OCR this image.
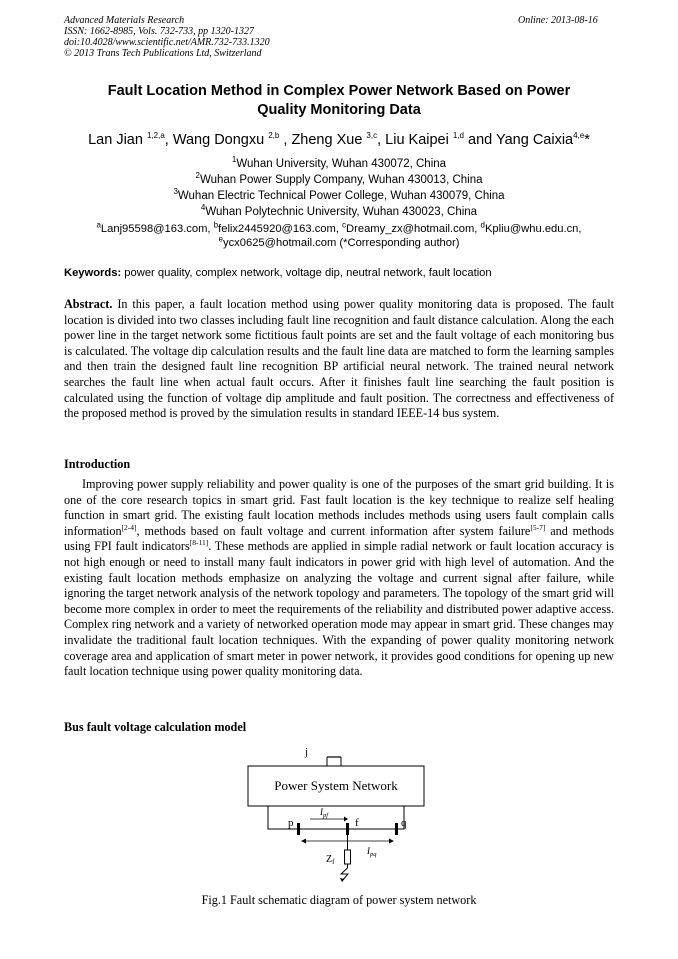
Advanced Materials Research
ISSN: 1662-8985, Vols. 732-733, pp 1320-1327
doi:10.4028/www.scientific.net/AMR.732-733.1320
© 2013 Trans Tech Publications Ltd, Switzerland
Online: 2013-08-16
Fault Location Method in Complex Power Network Based on Power
Quality Monitoring Data
Lan Jian $^{1,2,a}$, Wang Dongxu $^{2,b}$ , Zheng Xue $^{3,c}$, Liu Kaipei $^{1,d}$ and Yang Caixia$^{4,e}$*
$^1$Wuhan University, Wuhan 430072, China
$^2$Wuhan Power Supply Company, Wuhan 430013, China
$^3$Wuhan Electric Technical Power College, Wuhan 430079, China
$^4$Wuhan Polytechnic University, Wuhan 430023, China
$^a$Lanj95598@163.com, $^b$felix2445920@163.com, $^c$Dreamy_zx@hotmail.com, $^d$Kpliu@whu.edu.cn,
$^e$ycx0625@hotmail.com (*Corresponding author)
Keywords: power quality, complex network, voltage dip, neutral network, fault location
Abstract. In this paper, a fault location method using power quality monitoring data is proposed. The fault location is divided into two classes including fault line recognition and fault distance calculation. Along the each power line in the target network some fictitious fault points are set and the fault voltage of each monitoring bus is calculated. The voltage dip calculation results and the fault line data are matched to form the learning samples and then train the designed fault line recognition BP artificial neural network. The trained neural network searches the fault line when actual fault occurs. After it finishes fault line searching the fault position is calculated using the function of voltage dip amplitude and fault position. The correctness and effectiveness of the proposed method is proved by the simulation results in standard IEEE-14 bus system.
Introduction
Improving power supply reliability and power quality is one of the purposes of the smart grid building. It is one of the core research topics in smart grid. Fast fault location is the key technique to realize self healing function in smart grid. The existing fault location methods includes methods using users fault complain calls information[2-4], methods based on fault voltage and current information after system failure[5-7] and methods using FPI fault indicators[8-11]. These methods are applied in simple radial network or fault location accuracy is not high enough or need to install many fault indicators in power grid with high level of automation. And the existing fault location methods emphasize on analyzing the voltage and current signal after failure, while ignoring the target network analysis of the network topology and parameters. The topology of the smart grid will become more complex in order to meet the requirements of the reliability and distributed power adaptive access. Complex ring network and a variety of networked operation mode may appear in smart grid. These changes may invalidate the traditional fault location techniques. With the expanding of power quality monitoring network coverage area and application of smart meter in power network, it provides good conditions for opening up new fault location technique using power quality monitoring data.
Bus fault voltage calculation model
j
Power System Network
p	f	q
$I_{pf}$
$I_{pq}$
$Z_f$
Fig.1 Fault schematic diagram of power system network
